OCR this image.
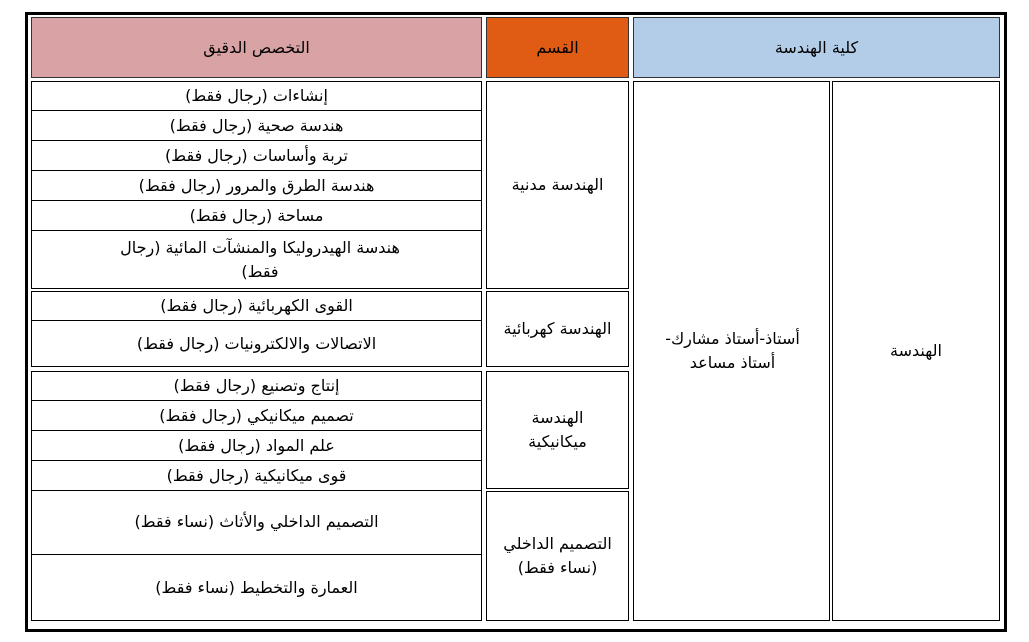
التخصص الدقيق	القسم	كلية الهندسة
الهندسة
أستاذ-أستاذ مشارك-أستاذ مساعد
الهندسة مدنية
الهندسة كهربائية
الهندسة ميكانيكية
التصميم الداخلي (نساء فقط)
إنشاءات (رجال فقط)
هندسة صحية (رجال فقط)
تربة وأساسات (رجال فقط)
هندسة الطرق والمرور (رجال فقط)
مساحة (رجال فقط)
هندسة الهيدروليكا والمنشآت المائية (رجال فقط)
القوى الكهربائية (رجال فقط)
الاتصالات والالكترونيات (رجال فقط)
إنتاج وتصنيع (رجال فقط)
تصميم ميكانيكي (رجال فقط)
علم المواد (رجال فقط)
قوى ميكانيكية (رجال فقط)
التصميم الداخلي والأثاث (نساء فقط)
العمارة والتخطيط (نساء فقط)
